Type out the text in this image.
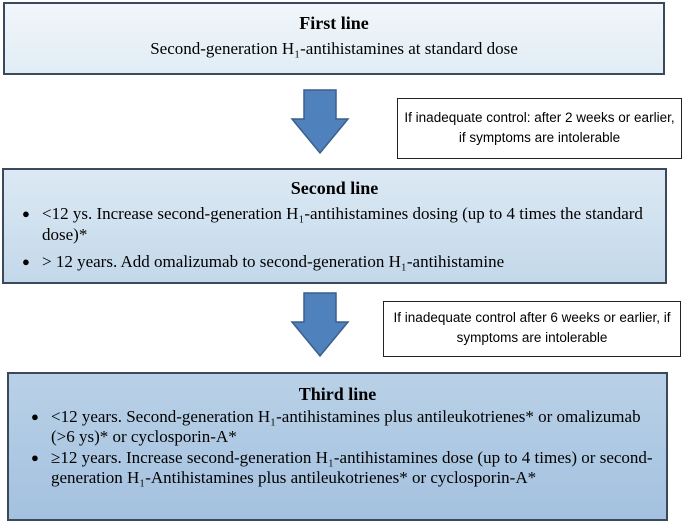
First line
Second-generation H₁-antihistamines at standard dose
If inadequate control: after 2 weeks or earlier, if symptoms are intolerable
Second line
● <12 ys. Increase second-generation H₁-antihistamines dosing (up to 4 times the standard dose)*
● > 12 years. Add omalizumab to second-generation H₁-antihistamine
If inadequate control after 6 weeks or earlier, if symptoms are intolerable
Third line
● <12 years. Second-generation H₁-antihistamines plus antileukotrienes* or omalizumab (>6 ys)* or cyclosporin-A*
● ≥12 years. Increase second-generation H₁-antihistamines dose (up to 4 times) or second-generation H₁-Antihistamines plus antileukotrienes* or cyclosporin-A*
